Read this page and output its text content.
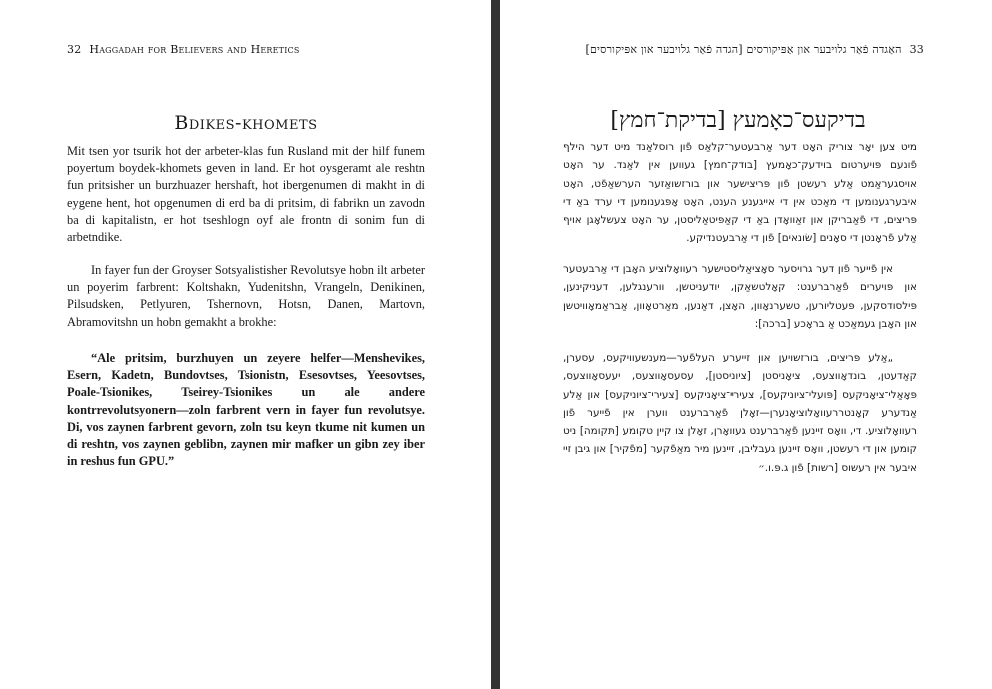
32 Haggadah for Believers and Heretics
Bdikes-khomets

Mit tsen yor tsurik hot der arbeter-klas fun Rusland mit der hilf funem poyertum boydek-khomets geven in land. Er hot oysgeramt ale reshtn fun pritsisher un burzhuazer hershaft, hot ibergenumen di makht in di eygene hent, hot opgenumen di erd ba di pritsim, di fabrikn un zavodn ba di kapitalistn, er hot tseshlogn oyf ale frontn di sonim fun di arbetndike.

In fayer fun der Groyser Sotsyalistisher Revolutsye hobn ilt arbeter un poyerim farbrent: Koltshakn, Yudenitshn, Vrangeln, Denikinen, Pilsudsken, Petlyuren, Tshernovn, Hotsn, Danen, Martovn, Abramovitshn un hobn gemakht a brokhe:

“Ale pritsim, burzhuyen un zeyere helfer—Menshevikes, Esern, Kadetn, Bundovtses, Tsionistn, Esesovtses, Yeesovtses, Poale-Tsionikes, Tseirey-Tsionikes un ale andere kontrrevolutsyonern—zoln farbrent vern in fayer fun revolutsye. Di, vos zaynen farbrent gevorn, zoln tsu keyn tkume nit kumen un di reshtn, vos zaynen geblibn, zaynen mir mafker un gibn zey iber in reshus fun GPU.”

33האַגדה פֿאַר גלויבער און אַפּיקורסים [הגדה פֿאַר גלויבער און אפּיקורסים]
בדיקעס־כאָמעץ [בדיקת־חמץ]

מיט צען יאָר צוריק האָט דער אַרבעטער־קלאַס פֿון רוסלאַנד מיט דער הילף פֿונעם פּויערטום בוידעק־כאָמעץ [בודק־חמץ] געווען אין לאַנד. ער האָט אויסגעראַמט אַלע רעשטן פֿון פּריצישער און בורזשואַזער הערשאַפֿט, האָט איבערגענומען די מאַכט אין די אייגענע הענט, האָט אָפּגענומען די ערד באַ די פּריצים, די פֿאַבריקן און זאַוואָדן באַ די קאַפּיטאַליסטן, ער האָט צעשלאָגן אויף אַלע פֿראָנטן די סאָנים [שׂונאים] פֿון די אַרבעטנדיקע.

אין פֿייער פֿון דער גרויסער סאָציאַליסטישער רעוואָלוציע האָבן די אַרבעטער און פּויערים פֿאַרברענט: קאָלטשאַקן, יודעניטשן, וורענגלען, דעניקינען, פּילסודסקען, פּעטליורען, טשערנאָוון, האָצן, דאַנען, מאַרטאָוון, אַבראַמאָוויטשן און האָבן געמאַכט אַ בראָכע [ברכה]:

„אַלע פּריצים, בורזשויען און זייערע העלפֿער—מענשעוויקעס, עסערן, קאַדעטן, בונדאָווצעס, ציאָניסטן [ציוניסטן], עסעסאָווצעס, יעעסאָווצעס, פּאָאַלי־ציאָניקעס [פּועלי־ציוניקעס], צעירײ־ציאָניקעס [צעירי־ציוניקעס] און אַלע אַנדערע קאָנטררעוואָלוציאָנערן—זאָלן פֿאַרברענט ווערן אין פֿייער פֿון רעוואָלוציע. די, וואָס זיינען פֿאַרברענט געוואָרן, זאָלן צו קיין טקומע [תּקומה] ניט קומען און די רעשטן, וואָס זיינען געבליבן, זיינען מיר מאַפֿקער [מפֿקיר] און גיבן זיי איבער אין רעשוס [רשות] פֿון ג.פּ.ו.״
